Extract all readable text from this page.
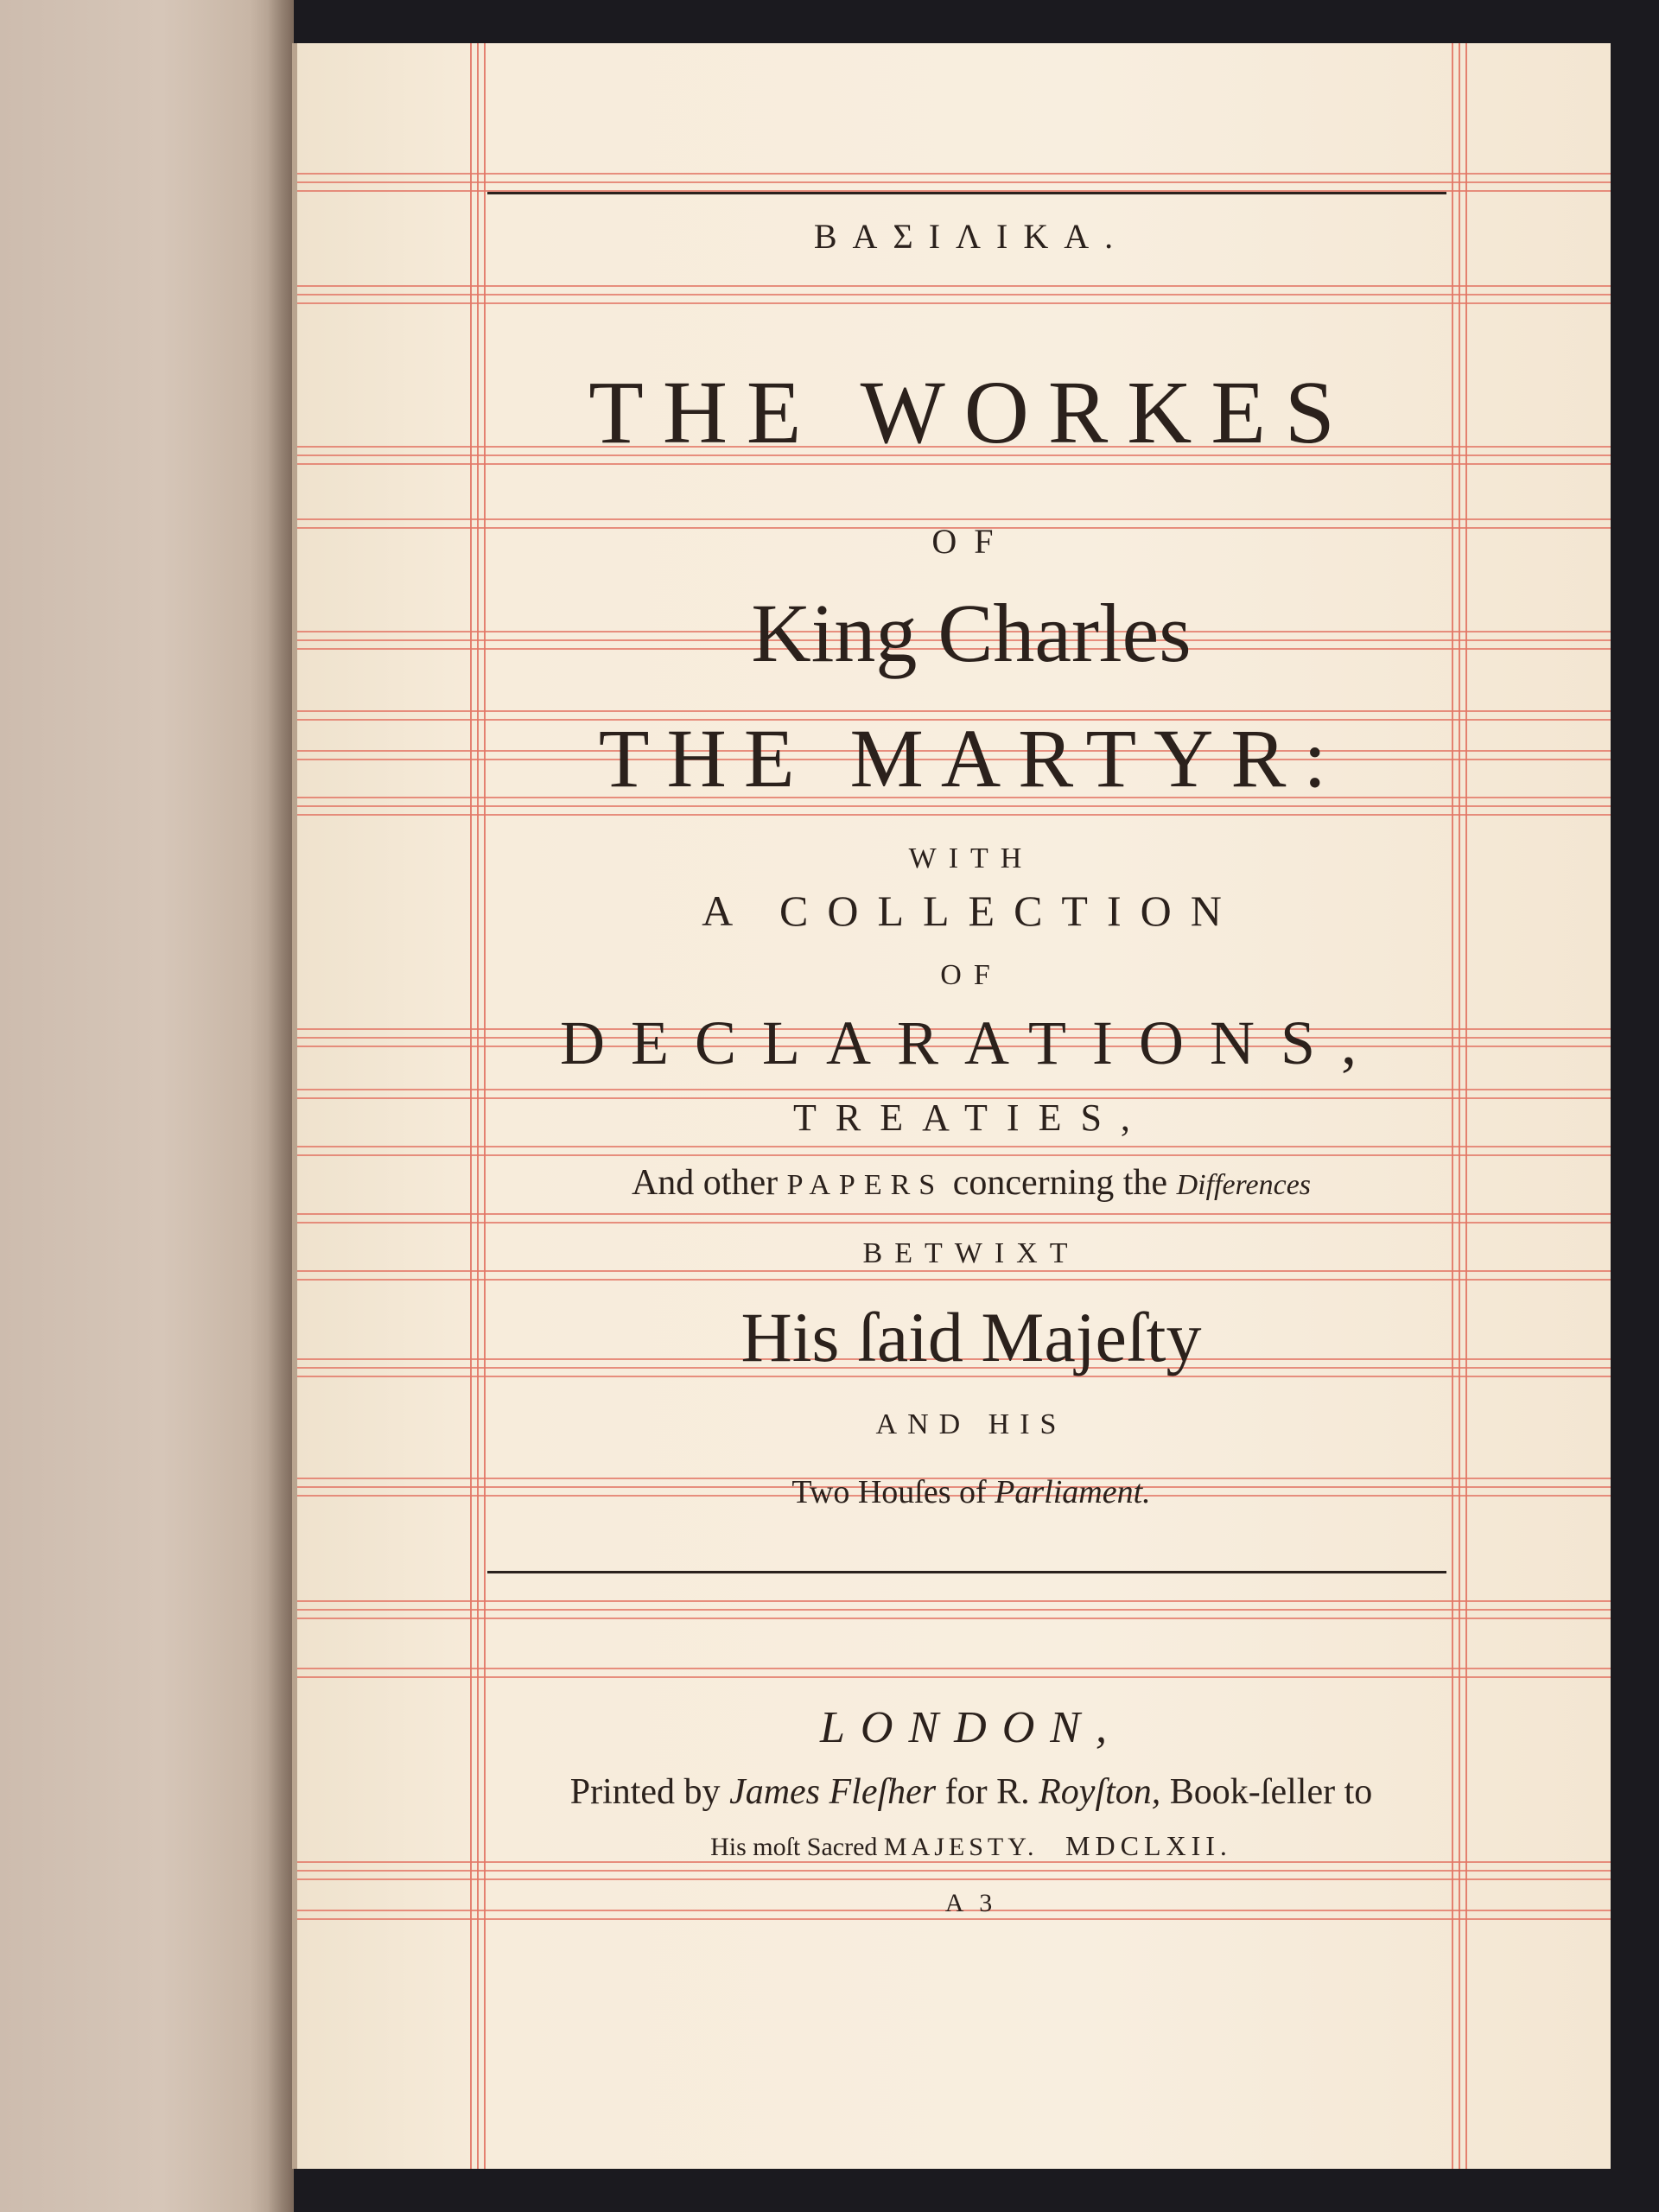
ΒΑΣΙΛΙΚΑ.
THE WORKES
OF
King Charles
THE MARTYR:
WITH
A COLLECTION
OF
DECLARATIONS,
TREATIES,
And other PAPERS concerning the Differences
BETWIXT
His ſaid Majeſty
AND HIS
Two Houſes of Parliament.
LONDON,
Printed by James Fleſher for R. Royſton, Book-ſeller to
His moſt Sacred MAJESTY. MDCLXII.
A 3
